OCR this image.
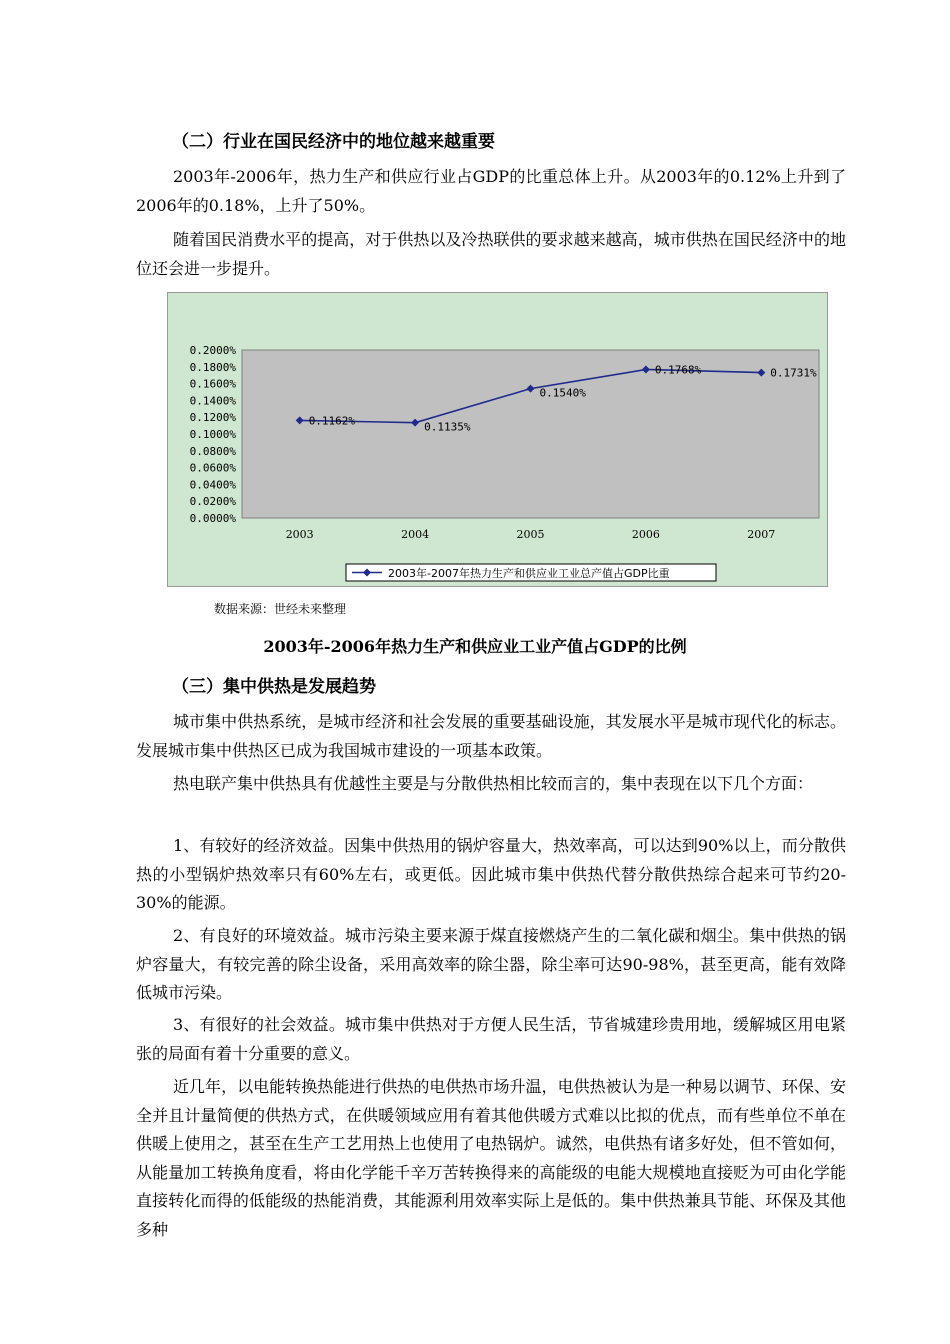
（二）行业在国民经济中的地位越来越重要

2003年-2006年，热力生产和供应行业占GDP的比重总体上升。从2003年的0.12%上升到了2006年的0.18%，上升了50%。

随着国民消费水平的提高，对于供热以及冷热联供的要求越来越高，城市供热在国民经济中的地位还会进一步提升。

0.0000%
0.0200%
0.0400%
0.0600%
0.0800%
0.1000%
0.1200%
0.1400%
0.1600%
0.1800%
0.2000%
2003	2004	2005	2006	2007
0.1162%	0.1135%
0.1540%
0.1768%	0.1731%
2003年-2007年热力生产和供应业工业总产值占GDP比重
数据来源：世经未来整理
2003年-2006年热力生产和供应业工业产值占GDP的比例
（三）集中供热是发展趋势

城市集中供热系统，是城市经济和社会发展的重要基础设施，其发展水平是城市现代化的标志。发展城市集中供热区已成为我国城市建设的一项基本政策。

热电联产集中供热具有优越性主要是与分散供热相比较而言的，集中表现在以下几个方面：

1、有较好的经济效益。因集中供热用的锅炉容量大，热效率高，可以达到90%以上，而分散供热的小型锅炉热效率只有60%左右，或更低。因此城市集中供热代替分散供热综合起来可节约20-30%的能源。

2、有良好的环境效益。城市污染主要来源于煤直接燃烧产生的二氧化碳和烟尘。集中供热的锅炉容量大，有较完善的除尘设备，采用高效率的除尘器，除尘率可达90-98%，甚至更高，能有效降低城市污染。

3、有很好的社会效益。城市集中供热对于方便人民生活，节省城建珍贵用地，缓解城区用电紧张的局面有着十分重要的意义。

近几年，以电能转换热能进行供热的电供热市场升温，电供热被认为是一种易以调节、环保、安全并且计量简便的供热方式，在供暖领域应用有着其他供暖方式难以比拟的优点，而有些单位不单在供暖上使用之，甚至在生产工艺用热上也使用了电热锅炉。诚然，电供热有诸多好处，但不管如何，从能量加工转换角度看，将由化学能千辛万苦转换得来的高能级的电能大规模地直接贬为可由化学能直接转化而得的低能级的热能消费，其能源利用效率实际上是低的。集中供热兼具节能、环保及其他多种
